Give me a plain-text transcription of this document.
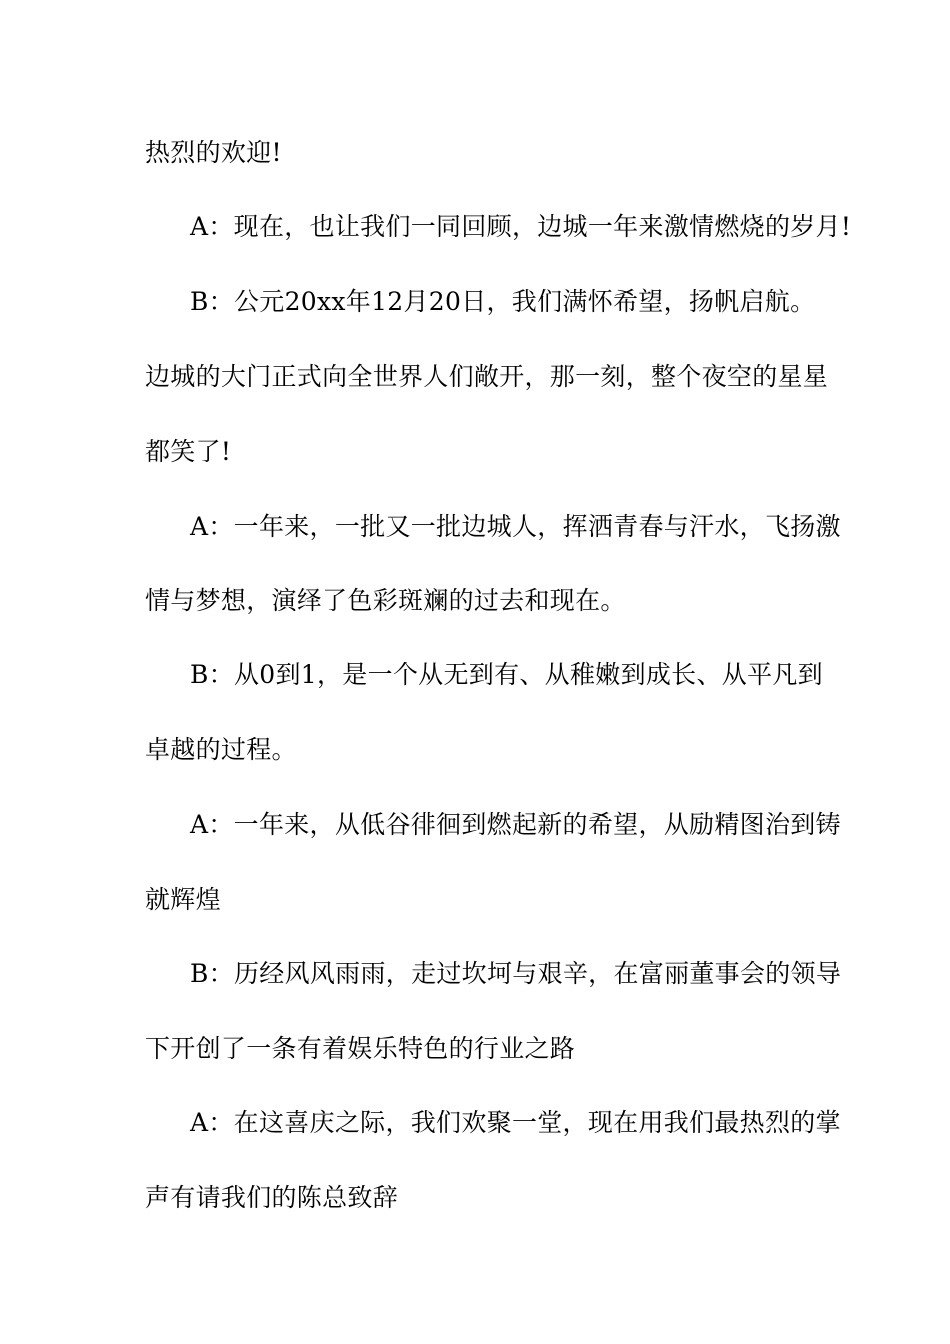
热烈的欢迎!
A：现在，也让我们一同回顾，边城一年来激情燃烧的岁月!
B：公元20xx年12月20日，我们满怀希望，扬帆启航。
边城的大门正式向全世界人们敞开，那一刻，整个夜空的星星
都笑了!
A：一年来，一批又一批边城人，挥洒青春与汗水，飞扬激
情与梦想，演绎了色彩斑斓的过去和现在。
B：从0到1，是一个从无到有、从稚嫩到成长、从平凡到
卓越的过程。
A：一年来，从低谷徘徊到燃起新的希望，从励精图治到铸
就辉煌
B：历经风风雨雨，走过坎坷与艰辛，在富丽董事会的领导
下开创了一条有着娱乐特色的行业之路
A：在这喜庆之际，我们欢聚一堂，现在用我们最热烈的掌
声有请我们的陈总致辞
